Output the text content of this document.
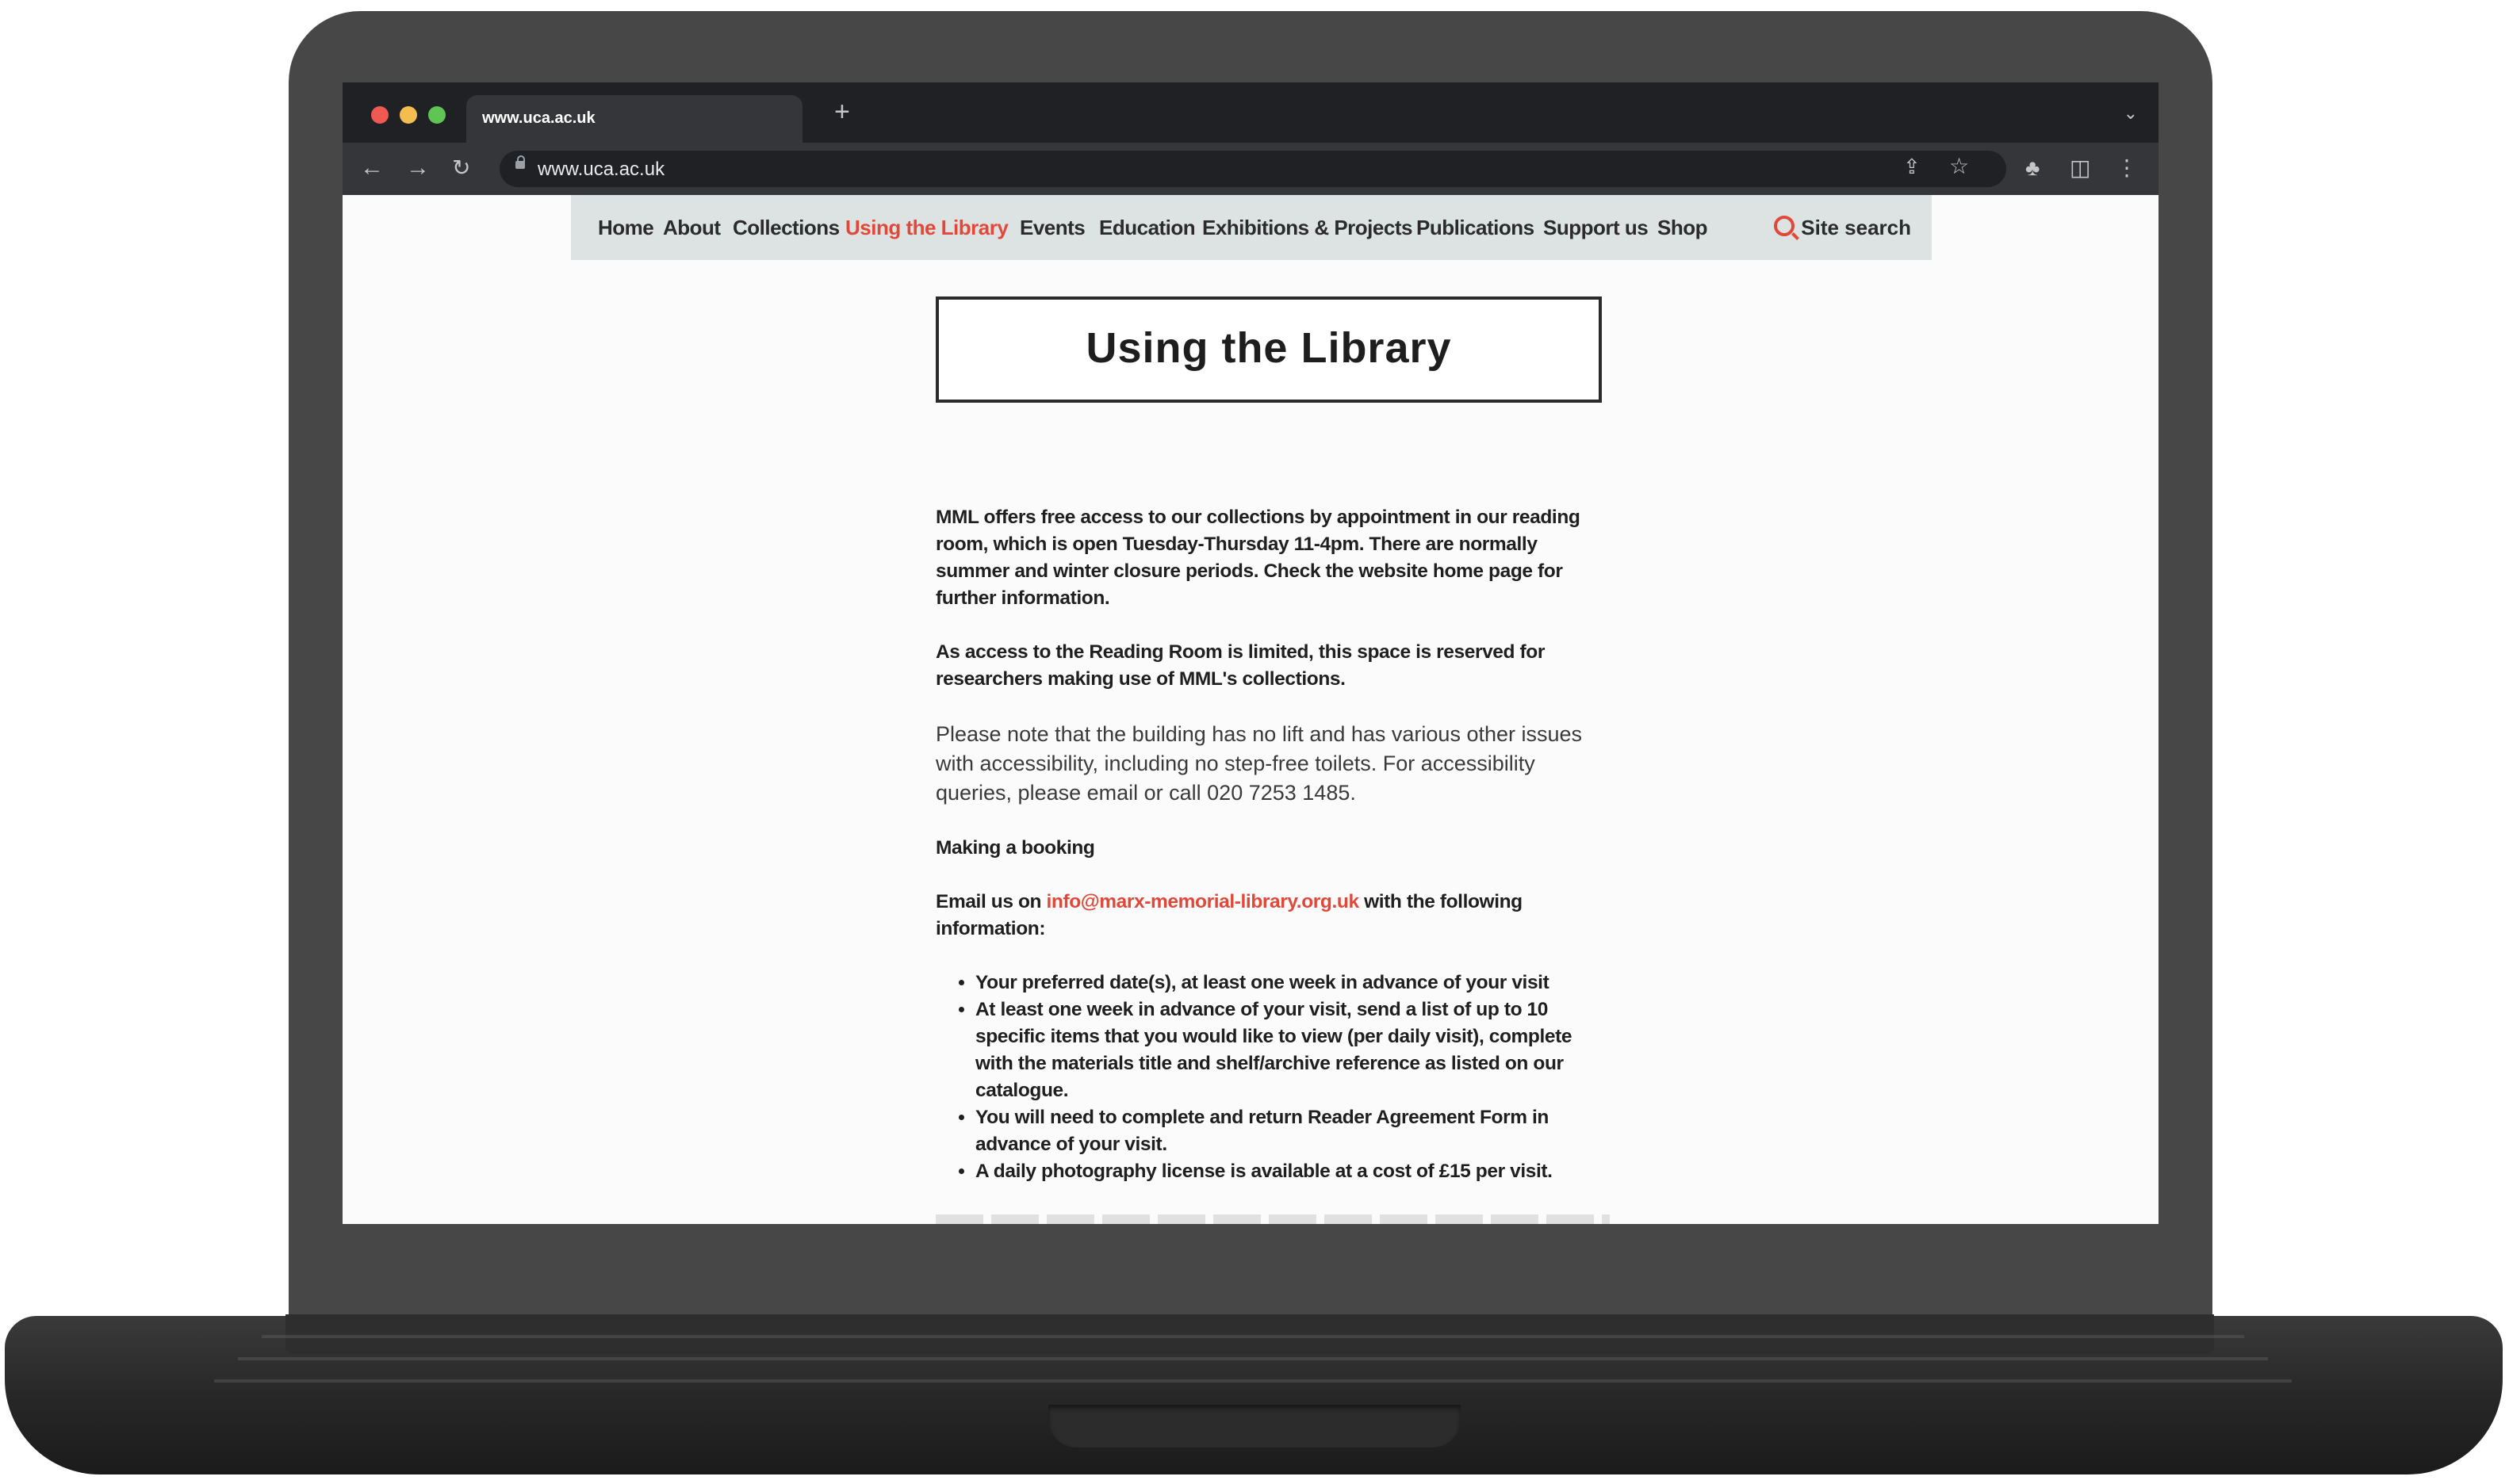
www.uca.ac.uk	+	⌄
← → ↻	www.uca.ac.uk	⇪ ☆	♣ ◫ ⋮
Home About Collections Using the Library Events Education Exhibitions & Projects Publications Support us Shop	Site search
Using the Library

MML offers free access to our collections by appointment in our reading room, which is open Tuesday-Thursday 11-4pm. There are normally summer and winter closure periods. Check the website home page for further information.

As access to the Reading Room is limited, this space is reserved for researchers making use of MML's collections.

Please note that the building has no lift and has various other issues with accessibility, including no step-free toilets. For accessibility queries, please email or call 020 7253 1485.

Making a booking

Email us on info@marx-memorial-library.org.uk with the following information:

• Your preferred date(s), at least one week in advance of your visit
• At least one week in advance of your visit, send a list of up to 10 specific items that you would like to view (per daily visit), complete with the materials title and shelf/archive reference as listed on our catalogue.
• You will need to complete and return Reader Agreement Form in advance of your visit.
• A daily photography license is available at a cost of £15 per visit.
